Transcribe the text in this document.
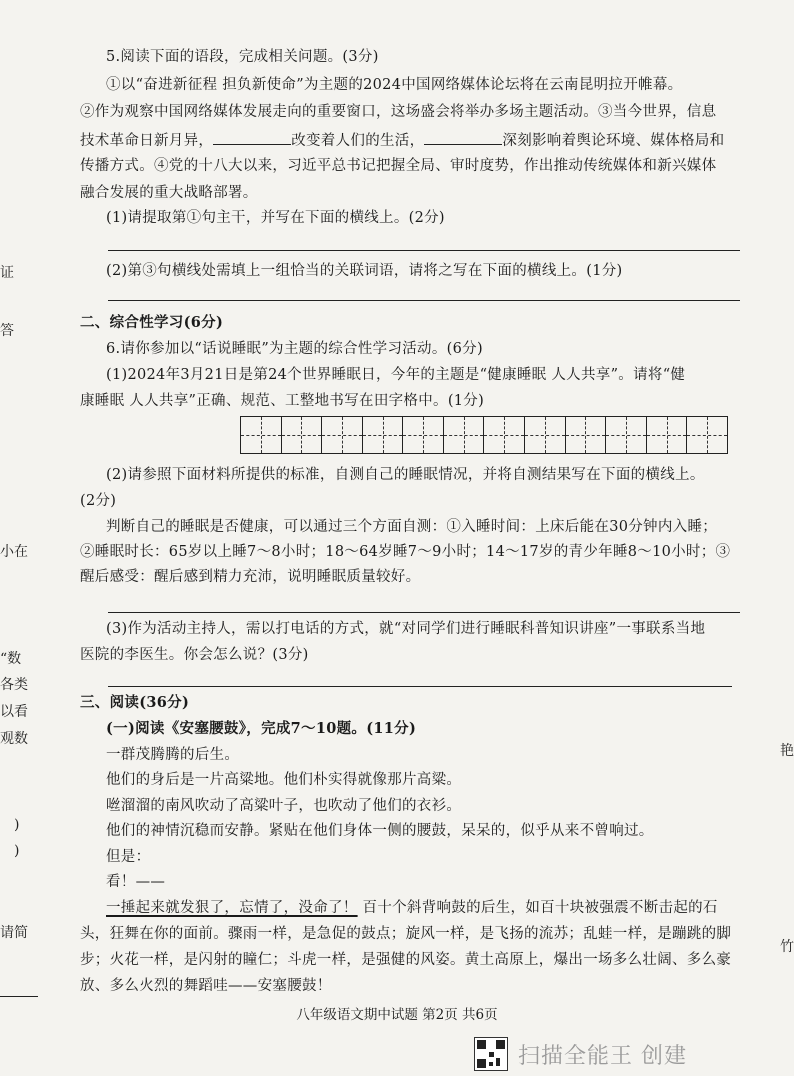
证
答
小在
“数
各类
以看
观数
)
)
请简
艳
竹
5.阅读下面的语段，完成相关问题。(3分)
①以“奋进新征程 担负新使命”为主题的2024中国网络媒体论坛将在云南昆明拉开帷幕。
②作为观察中国网络媒体发展走向的重要窗口，这场盛会将举办多场主题活动。③当今世界，信息
技术革命日新月异，	改变着人们的生活，	深刻影响着舆论环境、媒体格局和
传播方式。④党的十八大以来，习近平总书记把握全局、审时度势，作出推动传统媒体和新兴媒体
融合发展的重大战略部署。
(1)请提取第①句主干，并写在下面的横线上。(2分)
(2)第③句横线处需填上一组恰当的关联词语，请将之写在下面的横线上。(1分)
二、综合性学习(6分)
6.请你参加以“话说睡眠”为主题的综合性学习活动。(6分)
(1)2024年3月21日是第24个世界睡眠日，今年的主题是“健康睡眠 人人共享”。请将“健
康睡眠 人人共享”正确、规范、工整地书写在田字格中。(1分)
(2)请参照下面材料所提供的标准，自测自己的睡眠情况，并将自测结果写在下面的横线上。
(2分)
判断自己的睡眠是否健康，可以通过三个方面自测：①入睡时间：上床后能在30分钟内入睡；
②睡眠时长：65岁以上睡7～8小时；18～64岁睡7～9小时；14～17岁的青少年睡8～10小时；③
醒后感受：醒后感到精力充沛，说明睡眠质量较好。
(3)作为活动主持人，需以打电话的方式，就“对同学们进行睡眠科普知识讲座”一事联系当地
医院的李医生。你会怎么说？(3分)
三、阅读(36分)
(一)阅读《安塞腰鼓》，完成7～10题。(11分)
一群茂腾腾的后生。
他们的身后是一片高粱地。他们朴实得就像那片高粱。
咝溜溜的南风吹动了高粱叶子，也吹动了他们的衣衫。
他们的神情沉稳而安静。紧贴在他们身体一侧的腰鼓，呆呆的，似乎从来不曾响过。
但是：
看！——
一捶起来就发狠了，忘情了，没命了！ 百十个斜背响鼓的后生，如百十块被强震不断击起的石
头，狂舞在你的面前。骤雨一样，是急促的鼓点；旋风一样，是飞扬的流苏；乱蛙一样，是蹦跳的脚
步；火花一样，是闪射的瞳仁；斗虎一样，是强健的风姿。黄土高原上，爆出一场多么壮阔、多么豪
放、多么火烈的舞蹈哇——安塞腰鼓！
八年级语文期中试题 第2页 共6页
扫描全能王 创建
